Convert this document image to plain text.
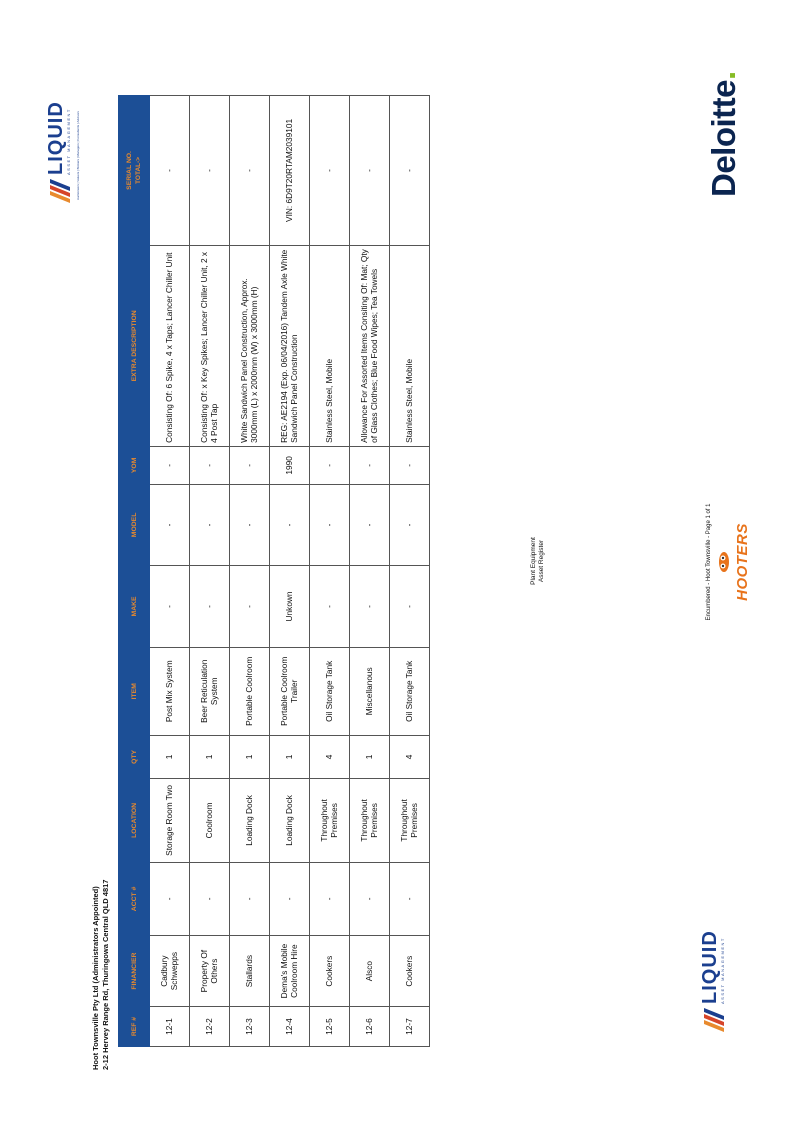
Hoot Townsville Pty Ltd (Administrators Appointed) 2-12 Hervey Range Rd, Thuringowa Central QLD 4817
Plant Equipment Asset Register
LIQUID ASSET MANAGEMENT Auctioneers | Valuers | Brokers | Managers | Consultants | Advisors
REF #	FINANCIER	ACCT #	LOCATION	QTY	ITEM	MAKE	MODEL	YOM	EXTRA DESCRIPTION	SERIAL NO. TOTAL->

12-1	Cadbury Schwepps	-	Storage Room Two	1	Post Mix System	-	-	-	Consisting Of: 6 Spike, 4 x Taps; Lancer Chiller Unit	-
12-2	Property Of Others	-	Coolroom	1	Beer Reticulation System	-	-	-	Consisting Of: x Key Spikes; Lancer Chiller Unit, 2 x 4 Post Tap	-
12-3	Stallards	-	Loading Dock	1	Portable Coolroom	-	-	-	White Sandwich Panel Construction, Approx. 3000mm (L) x 2000mm (W) x 3000mm (H)	-
12-4	Dema's Mobile Coolroom Hire	-	Loading Dock	1	Portable Coolroom Trailer	Unkown	-	1990	REG: AE2194 (Exp. 06/04/2016) Tandem Axle White Sandwich Panel Construction	VIN: 6D9T20RTAM2039101
12-5	Cookers	-	Throughout Premises	4	Oil Storage Tank	-	-	-	Stainless Steel, Mobile	-
12-6	Alsco	-	Throughout Premises	1	Miscellanous	-	-	-	Allowance For Assorted Items Consiting Of: Mat; Qty of Glass Clothes; Blue Food Wipes; Tea Towels	-
12-7	Cookers	-	Throughout Premises	4	Oil Storage Tank	-	-	-	Stainless Steel, Mobile	-
LIQUID ASSET MANAGEMENT
Encumbered - Hoot Townsville - Page 1 of 1 HOOTERS
Deloitte.
